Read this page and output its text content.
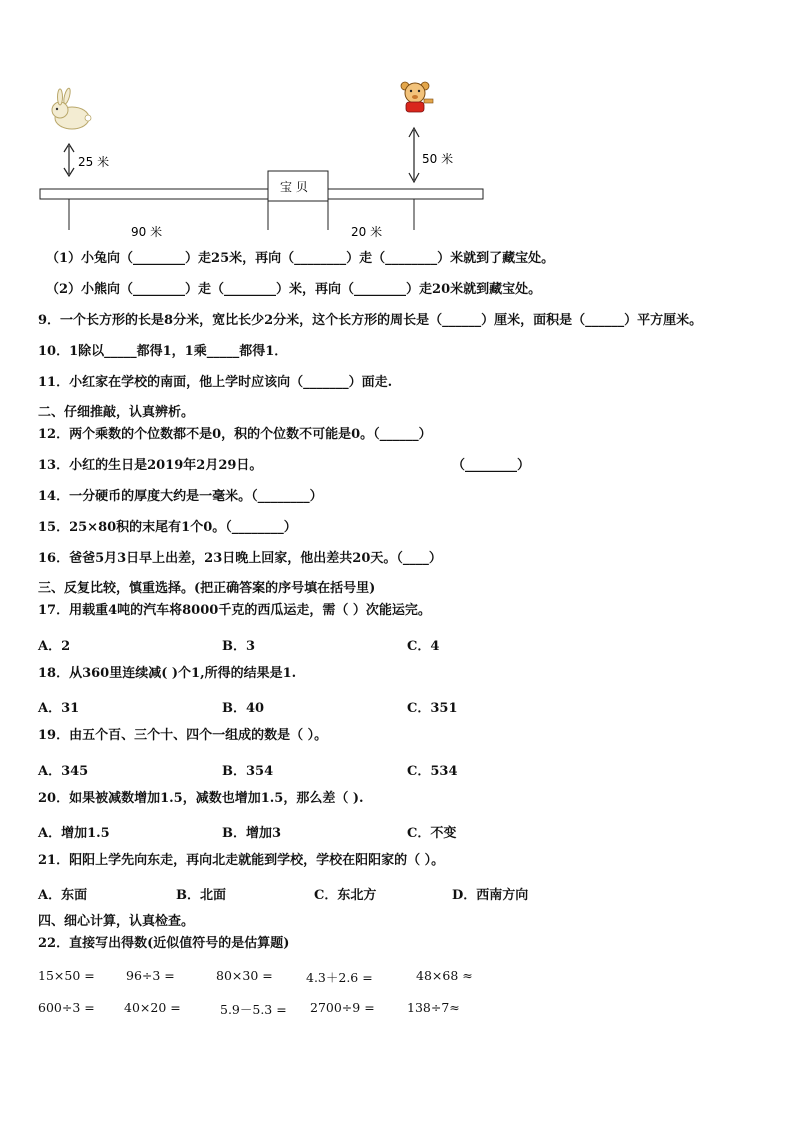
25 米	50 米
宝 贝
90 米	20 米
（1）小兔向（________）走25米，再向（________）走（________）米就到了藏宝处。
（2）小熊向（________）走（________）米，再向（________）走20米就到藏宝处。
9．一个长方形的长是8分米，宽比长少2分米，这个长方形的周长是（______）厘米，面积是（______）平方厘米。
10．1除以_____都得1，1乘_____都得1．
11．小红家在学校的南面，他上学时应该向（_______）面走.
二、仔细推敲，认真辨析。
12．两个乘数的个位数都不是0，积的个位数不可能是0。（______）
13．小红的生日是2019年2月29日。	（________）
14．一分硬币的厚度大约是一毫米。（________）
15．25×80积的末尾有1个0。（________）
16．爸爸5月3日早上出差，23日晚上回家，他出差共20天。（____）
三、反复比较，慎重选择。(把正确答案的序号填在括号里)
17．用载重4吨的汽车将8000千克的西瓜运走，需（ ）次能运完。
A．2	B．3	C．4
18．从360里连续减( )个1,所得的结果是1.
A．31	B．40	C．351
19．由五个百、三个十、四个一组成的数是（ ）。
A．345	B．354	C．534
20．如果被减数增加1.5，减数也增加1.5，那么差（ ).
A．增加1.5	B．增加3	C．不变
21．阳阳上学先向东走，再向北走就能到学校，学校在阳阳家的（ ）。
A．东面	B．北面	C．东北方	D．西南方向
四、细心计算，认真检查。
22．直接写出得数(近似值符号的是估算题)
15×50 =	96÷3 =	80×30 =	4.3＋2.6 =	48×68 ≈
600÷3 = 40×20 =	5.9－5.3 = 2700÷9 =	138÷7≈
